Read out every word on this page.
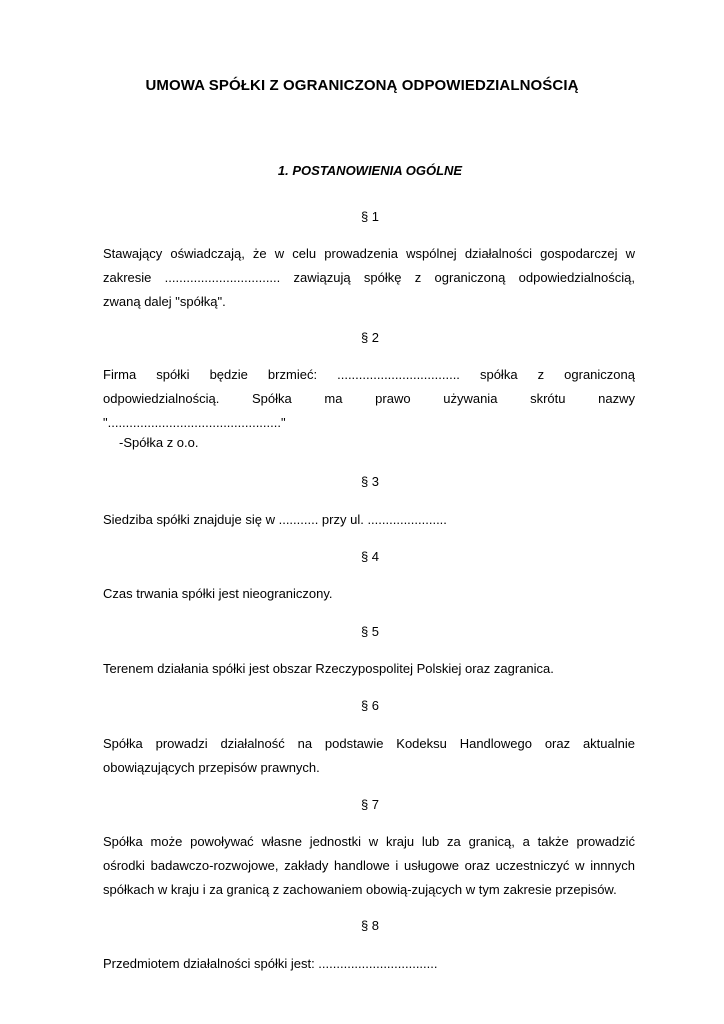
UMOWA SPÓŁKI Z OGRANICZONĄ ODPOWIEDZIALNOŚCIĄ
1. POSTANOWIENIA OGÓLNE

§ 1

Stawający oświadczają, że w celu prowadzenia wspólnej działalności gospodarczej w
zakresie ................................ zawiązują spółkę z ograniczoną odpowiedzialnością,
zwaną dalej "spółką".

§ 2

Firma spółki będzie brzmieć: .................................. spółka z ograniczoną
odpowiedzialnością. Spółka ma prawo używania skrótu nazwy
"................................................"
-Spółka z o.o.

§ 3

Siedziba spółki znajduje się w ........... przy ul. ......................

§ 4

Czas trwania spółki jest nieograniczony.

§ 5

Terenem działania spółki jest obszar Rzeczypospolitej Polskiej oraz zagranica.

§ 6

Spółka prowadzi działalność na podstawie Kodeksu Handlowego oraz aktualnie
obowiązujących przepisów prawnych.

§ 7

Spółka może powoływać własne jednostki w kraju lub za granicą, a także prowadzić
ośrodki badawczo-rozwojowe, zakłady handlowe i usługowe oraz uczestniczyć w innnych
spółkach w kraju i za granicą z zachowaniem obowią-zujących w tym zakresie przepisów.

§ 8

Przedmiotem działalności spółki jest: .................................
